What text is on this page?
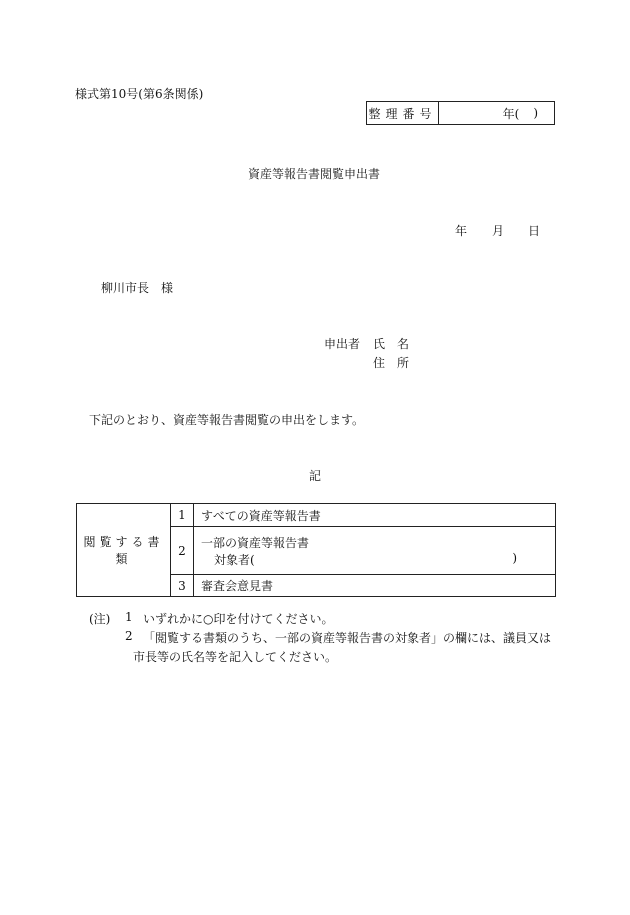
様式第10号(第6条関係)
整理番号	年( )
資産等報告書閲覧申出書
年 月 日
柳川市長　様
申出者 氏　名
住　所
下記のとおり、資産等報告書閲覧の申出をします。
記
閲覧する書類	1	すべての資産等報告書
	2	一部の資産等報告書
対象者( )

	3	審査会意見書
(注) 1 いずれかに○印を付けてください。
2 「閲覧する書類のうち、一部の資産等報告書の対象者」の欄には、議員又は
市長等の氏名等を記入してください。
